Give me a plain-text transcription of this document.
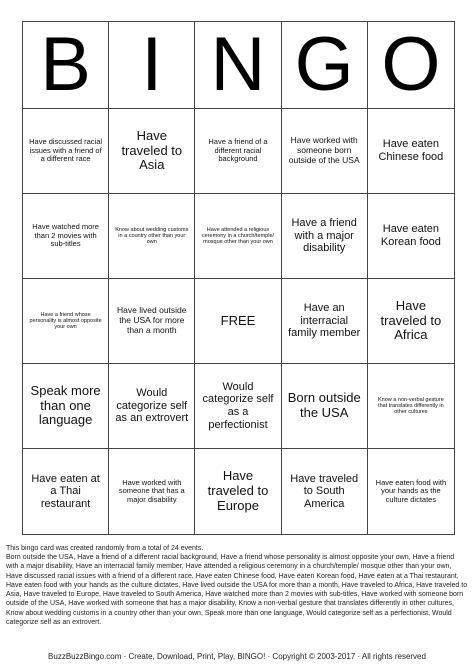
B I N G O
Have discussed racial issues with a friend of a different race
Have traveled to Asia
Have a friend of a different racial background
Have worked with someone born outside of the USA
Have eaten Chinese food
Have watched more than 2 movies with sub-titles
Know about wedding customs in a country other than your own
Have attended a religious ceremony in a church/temple/ mosque other than your own
Have a friend with a major disability
Have eaten Korean food
Have a friend whose personality is almost opposite your own
Have lived outside the USA for more than a month
FREE
Have an interracial family member
Have traveled to Africa
Speak more than one language
Would categorize self as an extrovert
Would categorize self as a perfectionist
Born outside the USA
Know a non-verbal gesture that translates differently in other cultures
Have eaten at a Thai restaurant
Have worked with someone that has a major disability
Have traveled to Europe
Have traveled to South America
Have eaten food with your hands as the culture dictates
This bingo card was created randomly from a total of 24 events.
Born outside the USA, Have a friend of a different racial background, Have a friend whose personality is almost opposite your own, Have a friend with a major disability, Have an interracial family member, Have attended a religious ceremony in a church/temple/ mosque other than your own, Have discussed racial issues with a friend of a different race, Have eaten Chinese food, Have eaten Korean food, Have eaten at a Thai restaurant, Have eaten food with your hands as the culture dictates, Have lived outside the USA for more than a month, Have traveled to Africa, Have traveled to Asia, Have traveled to Europe, Have traveled to South America, Have watched more than 2 movies with sub-titles, Have worked with someone born outside of the USA, Have worked with someone that has a major disability, Know a non-verbal gesture that translates differently in other cultures, Know about wedding customs in a country other than your own, Speak more than one language, Would categorize self as a perfectionist, Would categorize self as an extrovert.
BuzzBuzzBingo.com · Create, Download, Print, Play, BINGO! · Copyright © 2003-2017 · All rights reserved
